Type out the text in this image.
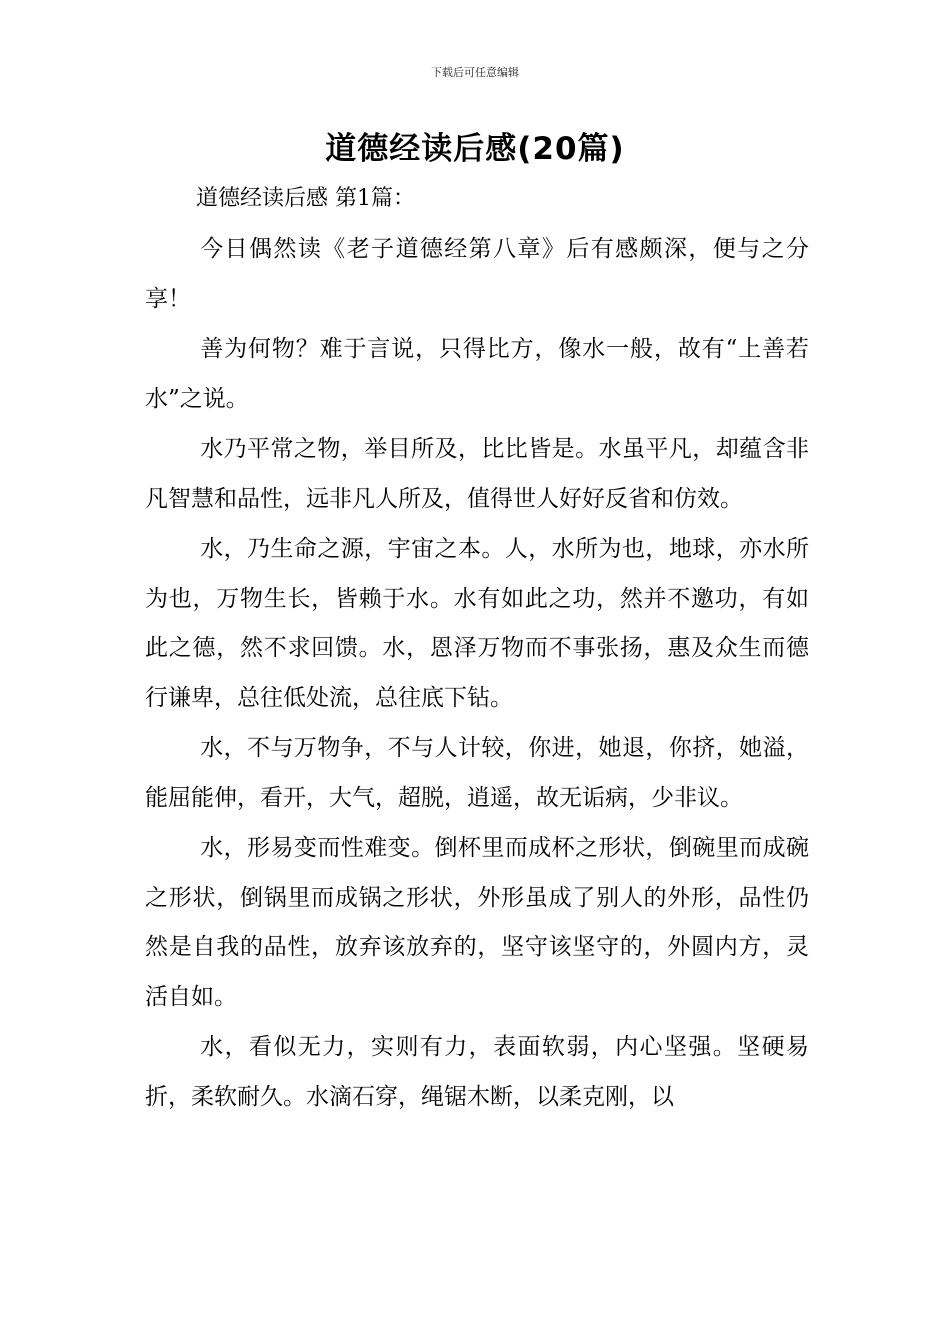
下载后可任意编辑
道德经读后感(20篇)
道德经读后感 第1篇：

今日偶然读《老子道德经第八章》后有感颇深，便与之分享！

善为何物？难于言说，只得比方，像水一般，故有“上善若水”之说。

水乃平常之物，举目所及，比比皆是。水虽平凡，却蕴含非凡智慧和品性，远非凡人所及，值得世人好好反省和仿效。

水，乃生命之源，宇宙之本。人，水所为也，地球，亦水所为也，万物生长，皆赖于水。水有如此之功，然并不邀功，有如此之德，然不求回馈。水，恩泽万物而不事张扬，惠及众生而德行谦卑，总往低处流，总往底下钻。

水，不与万物争，不与人计较，你进，她退，你挤，她溢，能屈能伸，看开，大气，超脱，逍遥，故无诟病，少非议。

水，形易变而性难变。倒杯里而成杯之形状，倒碗里而成碗之形状，倒锅里而成锅之形状，外形虽成了别人的外形，品性仍然是自我的品性，放弃该放弃的，坚守该坚守的，外圆内方，灵活自如。

水，看似无力，实则有力，表面软弱，内心坚强。坚硬易折，柔软耐久。水滴石穿，绳锯木断，以柔克刚，以
